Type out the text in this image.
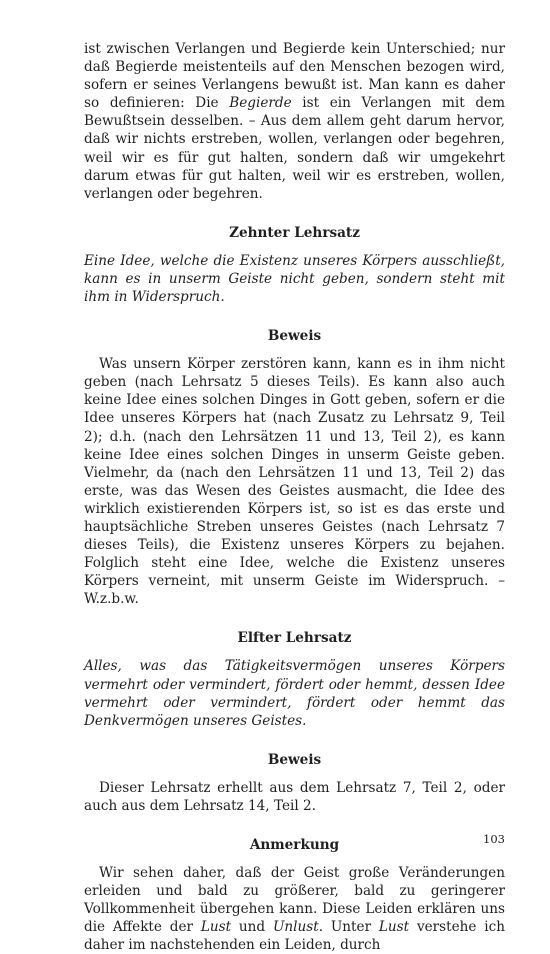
ist zwischen Verlangen und Begierde kein Unterschied; nur daß Begierde meistenteils auf den Menschen bezogen wird, sofern er seines Verlangens bewußt ist. Man kann es daher so definieren: Die Begierde ist ein Verlangen mit dem Bewußtsein desselben. – Aus dem allem geht darum hervor, daß wir nichts erstreben, wollen, verlangen oder begehren, weil wir es für gut halten, sondern daß wir umgekehrt darum etwas für gut halten, weil wir es erstreben, wollen, verlangen oder begehren.

Zehnter Lehrsatz

Eine Idee, welche die Existenz unseres Körpers ausschließt, kann es in unserm Geiste nicht geben, sondern steht mit ihm in Widerspruch.

Beweis

Was unsern Körper zerstören kann, kann es in ihm nicht geben (nach Lehrsatz 5 dieses Teils). Es kann also auch keine Idee eines solchen Dinges in Gott geben, sofern er die Idee unseres Körpers hat (nach Zusatz zu Lehrsatz 9, Teil 2); d.h. (nach den Lehrsätzen 11 und 13, Teil 2), es kann keine Idee eines solchen Dinges in unserm Geiste geben. Vielmehr, da (nach den Lehrsätzen 11 und 13, Teil 2) das erste, was das Wesen des Geistes ausmacht, die Idee des wirklich existierenden Körpers ist, so ist es das erste und hauptsächliche Streben unseres Geistes (nach Lehrsatz 7 dieses Teils), die Existenz unseres Körpers zu bejahen. Folglich steht eine Idee, welche die Existenz unseres Körpers verneint, mit unserm Geiste im Widerspruch. – W.z.b.w.

Elfter Lehrsatz

Alles, was das Tätigkeitsvermögen unseres Körpers vermehrt oder vermindert, fördert oder hemmt, dessen Idee vermehrt oder vermindert, fördert oder hemmt das Denkvermögen unseres Geistes.

Beweis

Dieser Lehrsatz erhellt aus dem Lehrsatz 7, Teil 2, oder auch aus dem Lehrsatz 14, Teil 2.

Anmerkung

Wir sehen daher, daß der Geist große Veränderungen erleiden und bald zu größerer, bald zu geringerer Vollkommenheit übergehen kann. Diese Leiden erklären uns die Affekte der Lust und Unlust. Unter Lust verstehe ich daher im nachstehenden ein Leiden, durch

103
